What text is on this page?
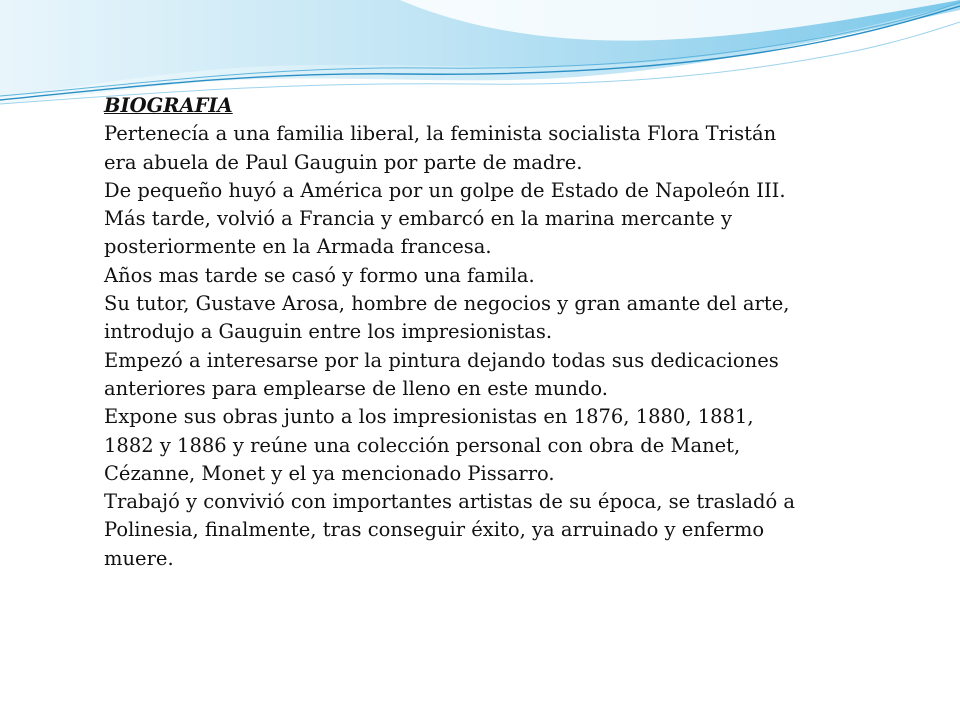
BIOGRAFIA

Pertenecía a una familia liberal, la feminista socialista Flora Tristán era abuela de Paul Gauguin por parte de madre.

De pequeño huyó a América por un golpe de Estado de Napoleón III.

Más tarde, volvió a Francia y embarcó en la marina mercante y posteriormente en la Armada francesa.

Años mas tarde se casó y formo una famila.

Su tutor, Gustave Arosa, hombre de negocios y gran amante del arte, introdujo a Gauguin entre los impresionistas.

Empezó a interesarse por la pintura dejando todas sus dedicaciones anteriores para emplearse de lleno en este mundo.

Expone sus obras junto a los impresionistas en 1876, 1880, 1881, 1882 y 1886 y reúne una colección personal con obra de Manet, Cézanne, Monet y el ya mencionado Pissarro.

Trabajó y convivió con importantes artistas de su época, se trasladó a Polinesia, finalmente, tras conseguir éxito, ya arruinado y enfermo muere.
